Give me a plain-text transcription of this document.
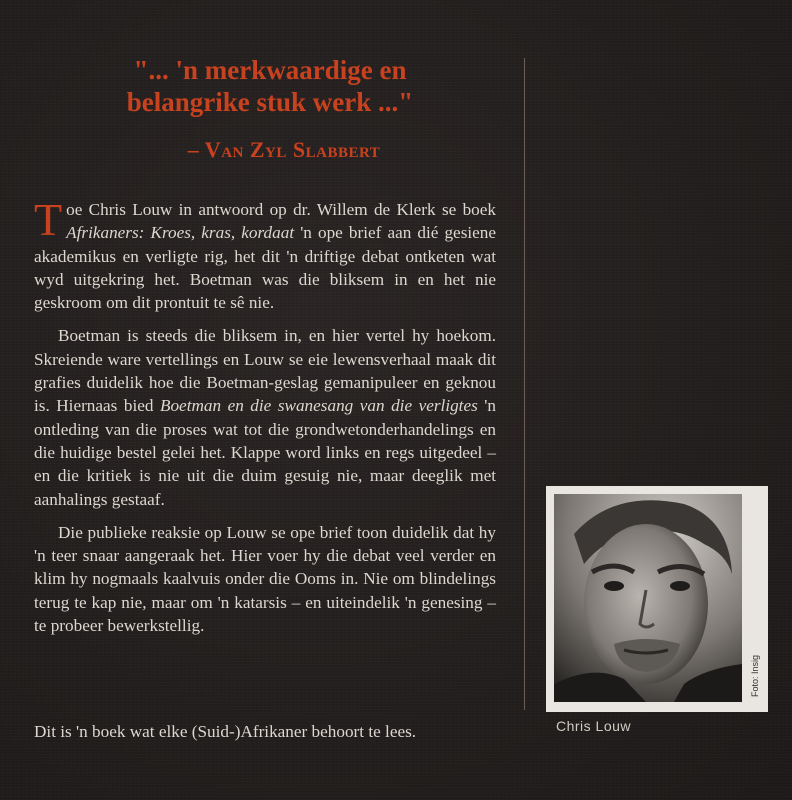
"... 'n merkwaardige en
belangrike stuk werk ..."
– Van Zyl Slabbert

Toe Chris Louw in antwoord op dr. Willem de Klerk se boek Afrikaners: Kroes, kras, kordaat 'n ope brief aan dié gesiene akademikus en verligte rig, het dit 'n driftige debat ontketen wat wyd uitgekring het. Boetman was die bliksem in en het nie geskroom om dit prontuit te sê nie.

Boetman is steeds die bliksem in, en hier vertel hy hoekom. Skreiende ware vertellings en Louw se eie lewensverhaal maak dit grafies duidelik hoe die Boetman-geslag gemanipuleer en geknou is. Hiernaas bied Boetman en die swanesang van die verligtes 'n ontleding van die proses wat tot die grondwetonderhandelings en die huidige bestel gelei het. Klappe word links en regs uitgedeel – en die kritiek is nie uit die duim gesuig nie, maar deeglik met aanhalings gestaaf.

Die publieke reaksie op Louw se ope brief toon duidelik dat hy 'n teer snaar aangeraak het. Hier voer hy die debat veel verder en klim hy nogmaals kaalvuis onder die Ooms in. Nie om blindelings terug te kap nie, maar om 'n katarsis – en uiteindelik 'n genesing – te probeer bewerkstellig.

Dit is 'n boek wat elke (Suid-)Afrikaner behoort te lees.
Foto: Insig
Chris Louw
